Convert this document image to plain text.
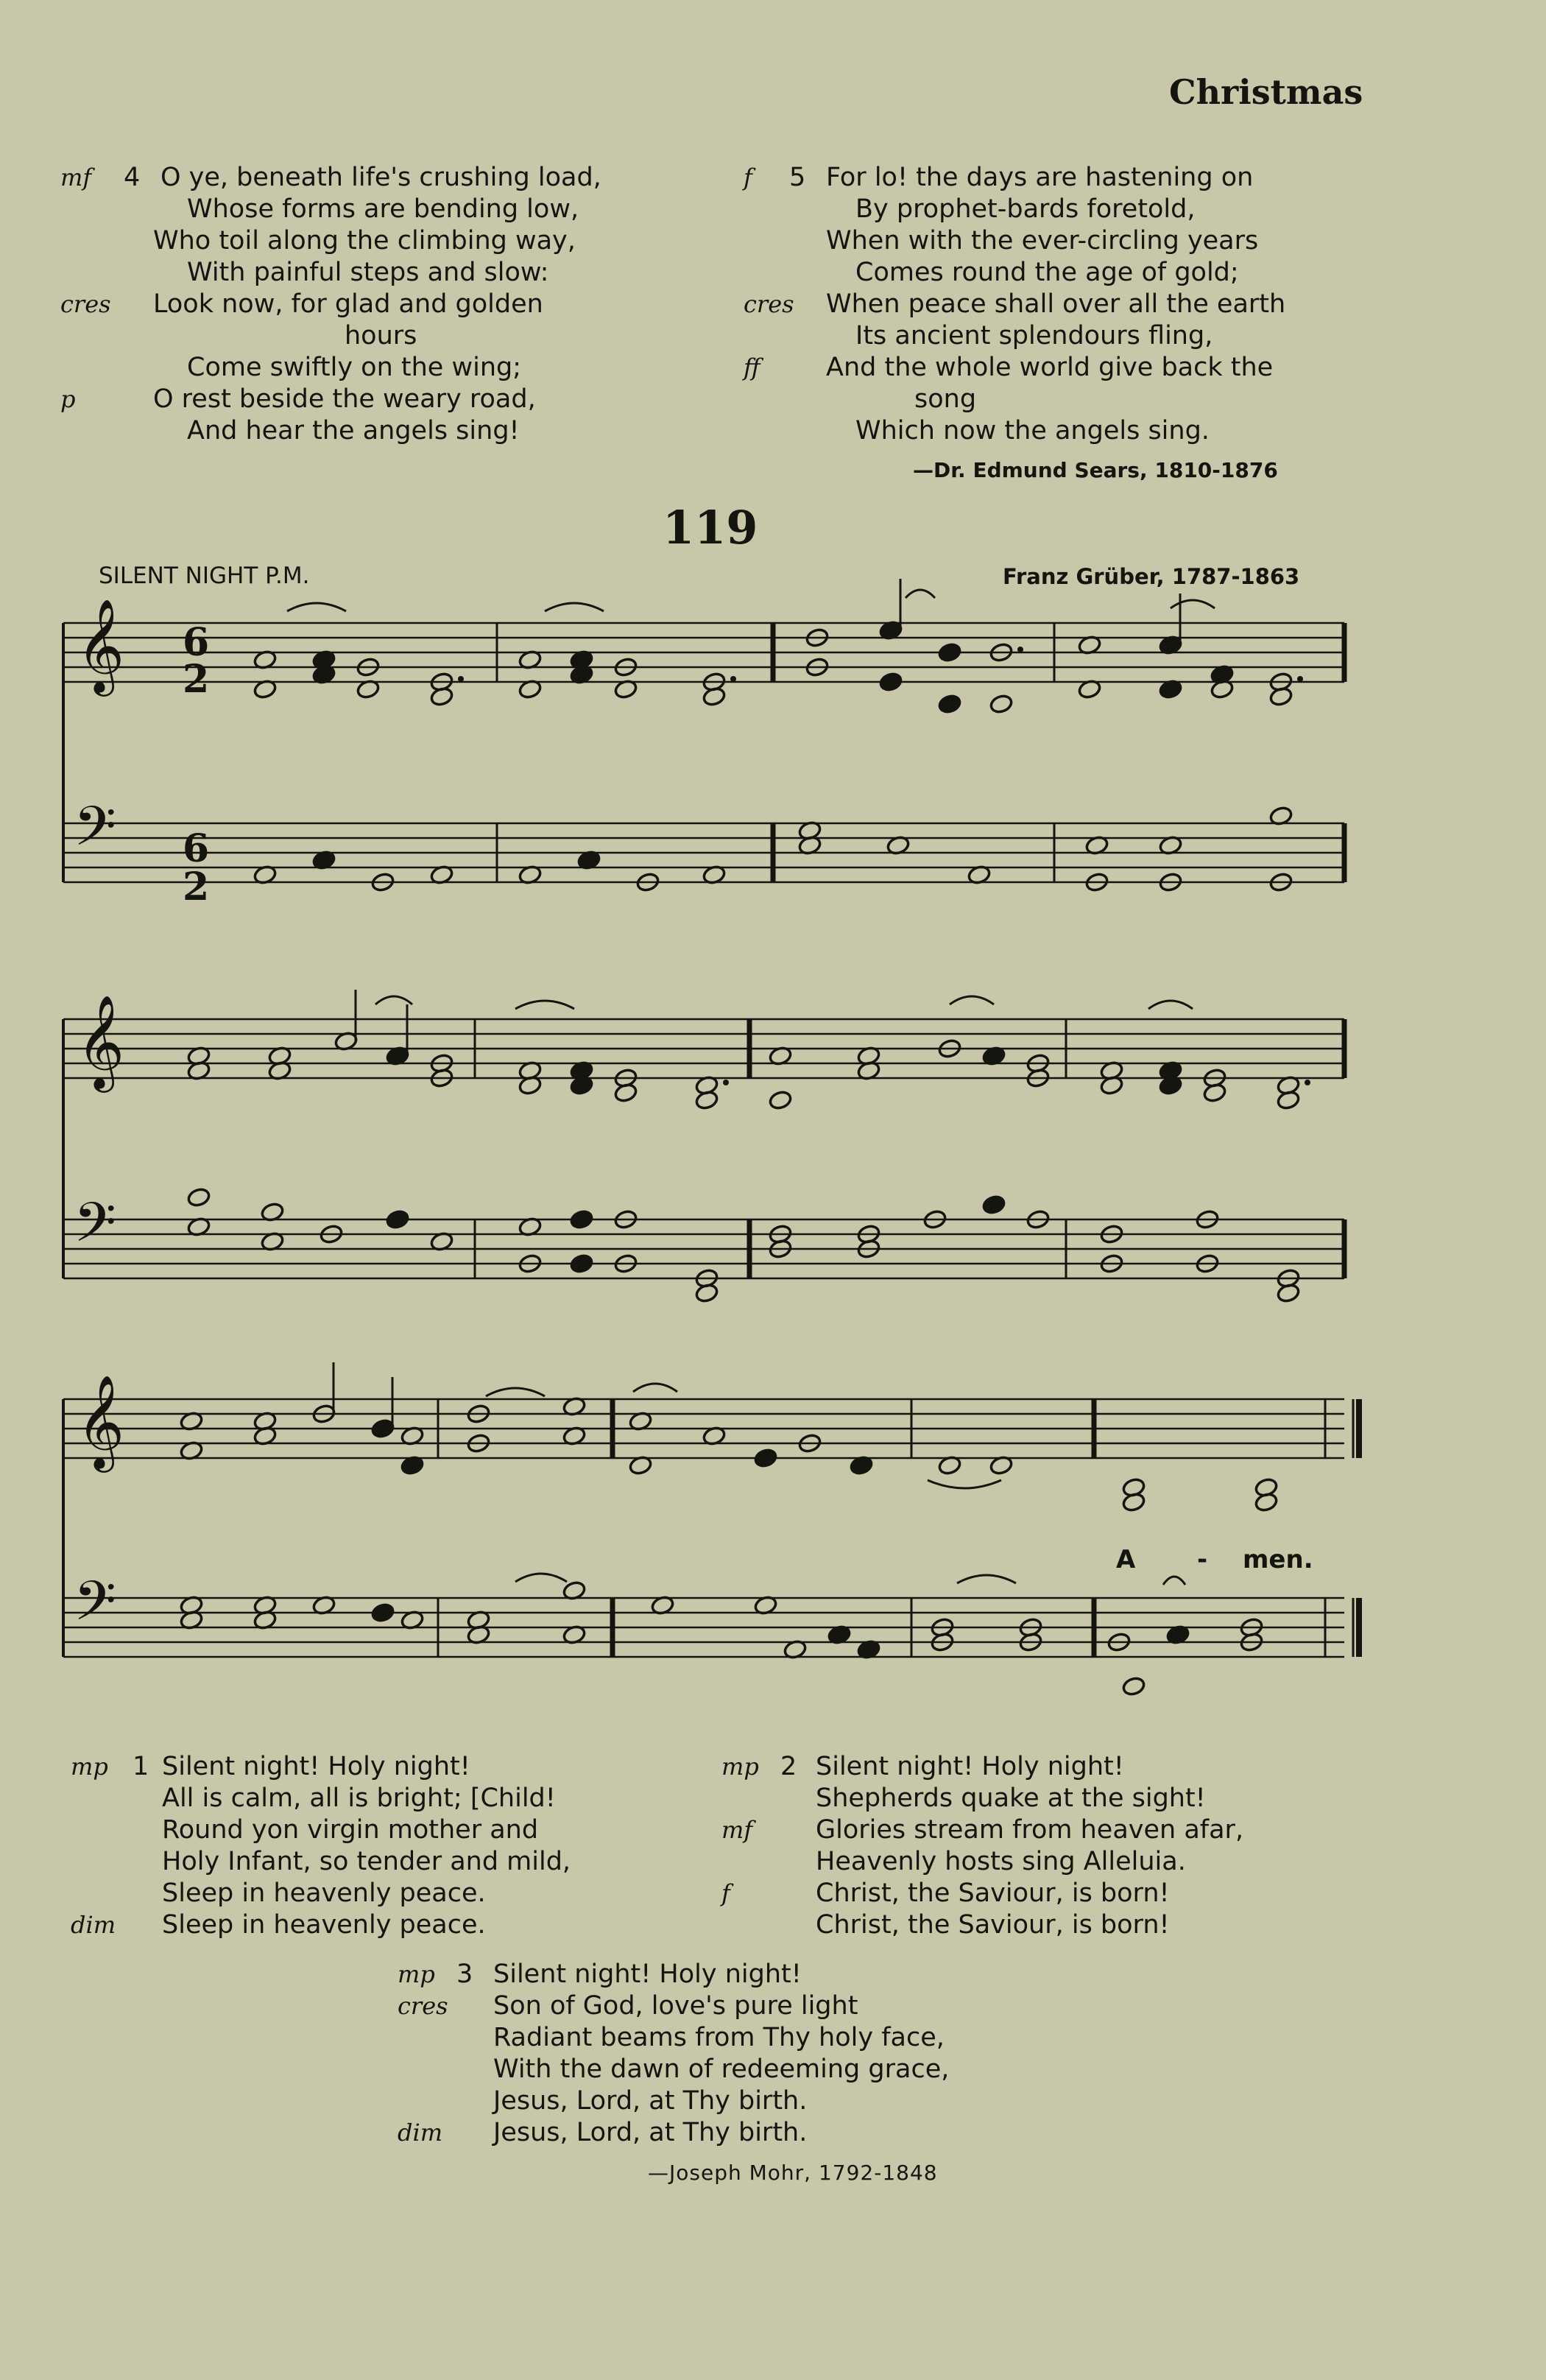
Christmas
4
mf	O ye, beneath life's crushing load,
Whose forms are bending low,
Who toil along the climbing way,
With painful steps and slow:
cres Look now, for glad and golden
hours
Come swiftly on the wing;
p	O rest beside the weary road,
And hear the angels sing!
5
f	For lo! the days are hastening on
By prophet-bards foretold,
When with the ever-circling years
Comes round the age of gold;
cres When peace shall over all the earth
Its ancient splendours fling,
ff	And the whole world give back the
song
Which now the angels sing.
—Dr. Edmund Sears, 1810-1876
119
SILENT NIGHT P.M.	Franz Grüber, 1787-1863
𝄞
𝄢
𝄞
𝄢
𝄞
𝄢
6
2
6
2
A - men.
1
mp Silent night! Holy night!
All is calm, all is bright; [Child!
Round yon virgin mother and
Holy Infant, so tender and mild,
Sleep in heavenly peace.
dim Sleep in heavenly peace.
2
mp Silent night! Holy night!
Shepherds quake at the sight!
mf Glories stream from heaven afar,
Heavenly hosts sing Alleluia.
f	Christ, the Saviour, is born!
Christ, the Saviour, is born!
3
mp Silent night! Holy night!
cres Son of God, love's pure light
Radiant beams from Thy holy face,
With the dawn of redeeming grace,
Jesus, Lord, at Thy birth.
dim Jesus, Lord, at Thy birth.
—Joseph Mohr, 1792-1848
